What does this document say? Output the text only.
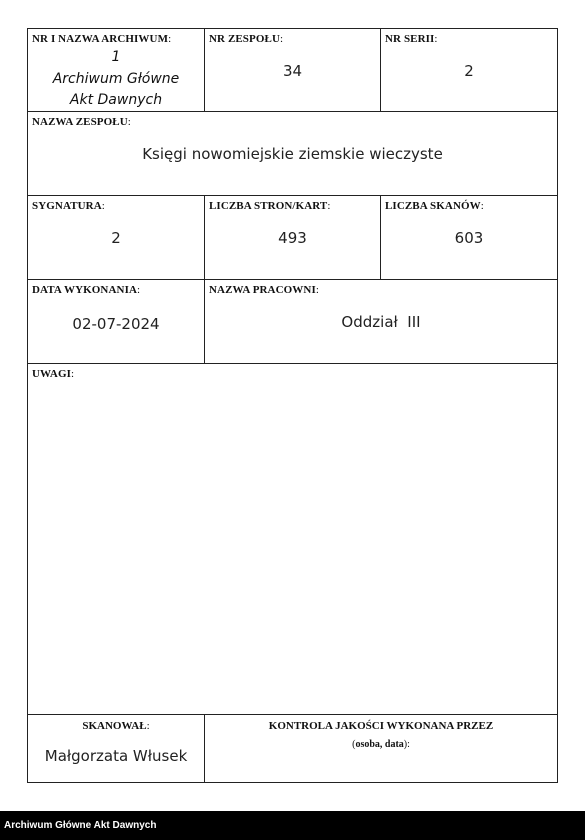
NR I NAZWA ARCHIWUM:
1
Archiwum Główne
Akt Dawnych
NR ZESPOŁU:
34
NR SERII:
2
NAZWA ZESPOŁU:
Księgi nowomiejskie ziemskie wieczyste
SYGNATURA:
2
LICZBA STRON/KART:
493
LICZBA SKANÓW:
603
DATA WYKONANIA:
02-07-2024
NAZWA PRACOWNI:
Oddział  III
UWAGI:
SKANOWAŁ:
Małgorzata Włusek
KONTROLA JAKOŚCI WYKONANA PRZEZ
(osoba, data):
Archiwum Główne Akt Dawnych
